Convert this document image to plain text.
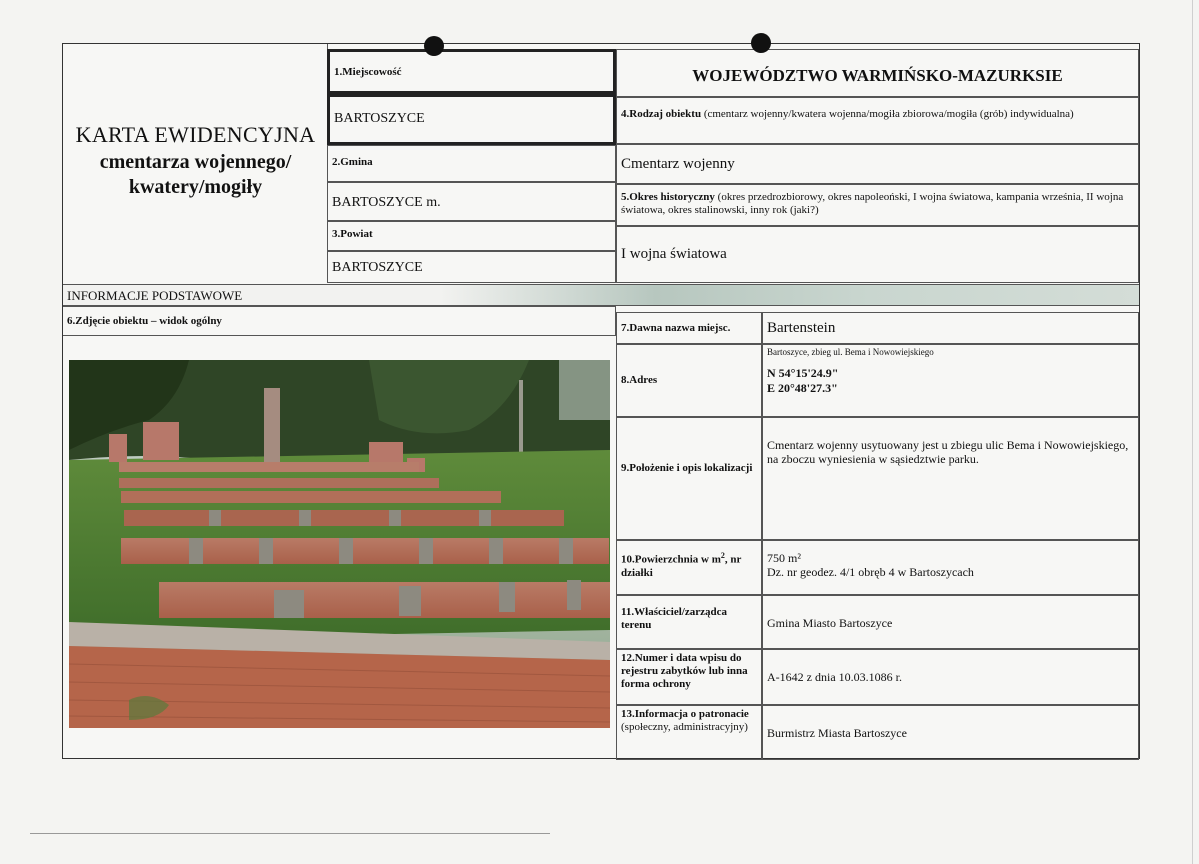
KARTA EWIDENCYJNA
cmentarza wojennego/
kwatery/mogiły
1.Miejscowość
BARTOSZYCE
2.Gmina
BARTOSZYCE m.
3.Powiat
BARTOSZYCE
WOJEWÓDZTWO WARMIŃSKO-MAZURKSIE
4.Rodzaj obiektu (cmentarz wojenny/kwatera wojenna/mogiła zbiorowa/mogiła (grób) indywidualna)
Cmentarz wojenny
5.Okres historyczny (okres przedrozbiorowy, okres napoleoński, I wojna światowa, kampania września, II wojna światowa, okres stalinowski, inny rok (jaki?)
I wojna światowa
INFORMACJE PODSTAWOWE
6.Zdjęcie obiektu – widok ogólny
7.Dawna nazwa miejsc.
8.Adres
9.Położenie i opis lokalizacji
10.Powierzchnia w $m^2$, nr działki
11.Właściciel/zarządca terenu
12.Numer i data wpisu do rejestru zabytków lub inna forma ochrony
13.Informacja o patronacie (społeczny, administracyjny)
Bartenstein
Bartoszyce, zbieg ul. Bema i Nowowiejskiego
N 54°15'24.9"
E 20°48'27.3"
Cmentarz wojenny usytuowany jest u zbiegu ulic Bema i Nowowiejskiego, na zboczu wyniesienia w sąsiedztwie parku.
750 m²
Dz. nr geodez. 4/1 obręb 4 w Bartoszycach
Gmina Miasto Bartoszyce
A-1642 z dnia 10.03.1086 r.
Burmistrz Miasta Bartoszyce
